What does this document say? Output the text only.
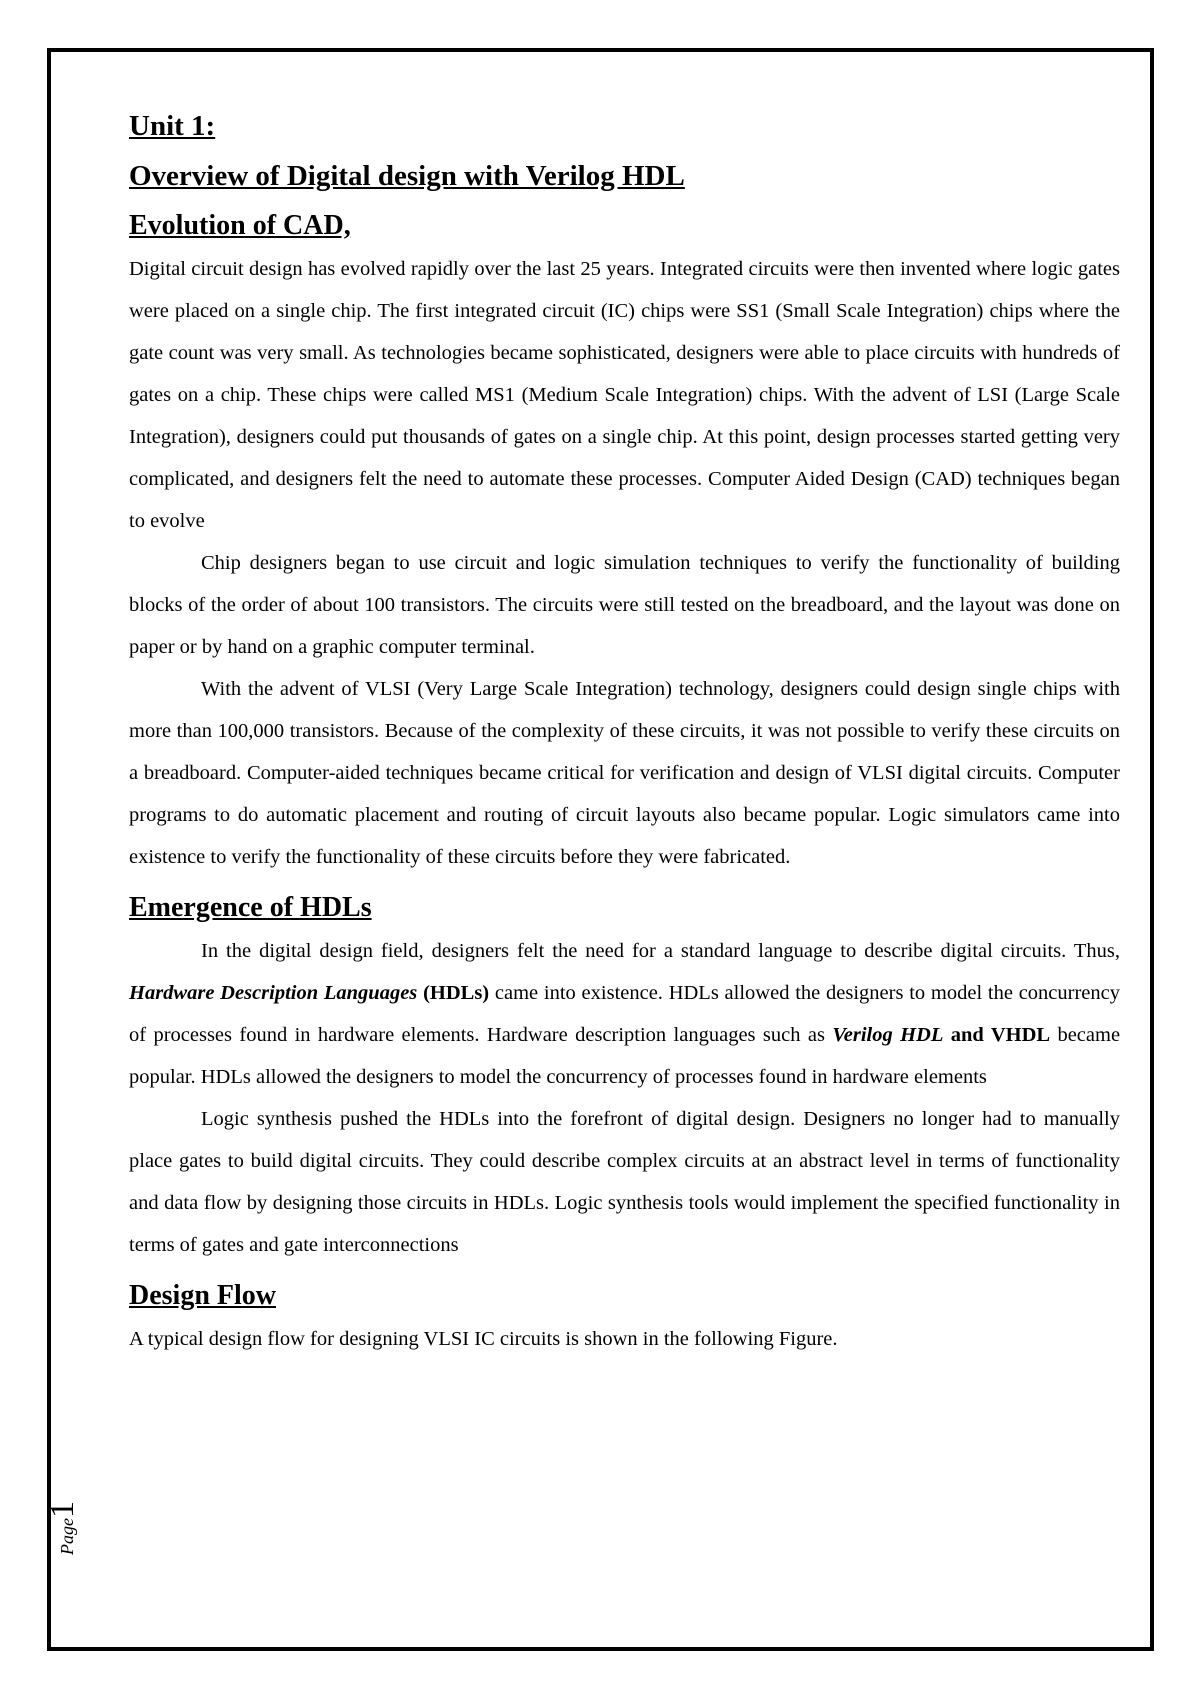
Unit 1:
Overview of Digital design with Verilog HDL
Evolution of CAD,

Digital circuit design has evolved rapidly over the last 25 years. Integrated circuits were then invented where logic gates were placed on a single chip. The first integrated circuit (IC) chips were SS1 (Small Scale Integration) chips where the gate count was very small. As technologies became sophisticated, designers were able to place circuits with hundreds of gates on a chip. These chips were called MS1 (Medium Scale Integration) chips. With the advent of LSI (Large Scale Integration), designers could put thousands of gates on a single chip. At this point, design processes started getting very complicated, and designers felt the need to automate these processes. Computer Aided Design (CAD) techniques began to evolve

Chip designers began to use circuit and logic simulation techniques to verify the functionality of building blocks of the order of about 100 transistors. The circuits were still tested on the breadboard, and the layout was done on paper or by hand on a graphic computer terminal.

With the advent of VLSI (Very Large Scale Integration) technology, designers could design single chips with more than 100,000 transistors. Because of the complexity of these circuits, it was not possible to verify these circuits on a breadboard. Computer-aided techniques became critical for verification and design of VLSI digital circuits. Computer programs to do automatic placement and routing of circuit layouts also became popular. Logic simulators came into existence to verify the functionality of these circuits before they were fabricated.

Emergence of HDLs

In the digital design field, designers felt the need for a standard language to describe digital circuits. Thus, Hardware Description Languages (HDLs) came into existence. HDLs allowed the designers to model the concurrency of processes found in hardware elements. Hardware description languages such as Verilog HDL and VHDL became popular. HDLs allowed the designers to model the concurrency of processes found in hardware elements

Logic synthesis pushed the HDLs into the forefront of digital design. Designers no longer had to manually place gates to build digital circuits. They could describe complex circuits at an abstract level in terms of functionality and data flow by designing those circuits in HDLs. Logic synthesis tools would implement the specified functionality in terms of gates and gate interconnections

Design Flow

A typical design flow for designing VLSI IC circuits is shown in the following Figure.

Page1
